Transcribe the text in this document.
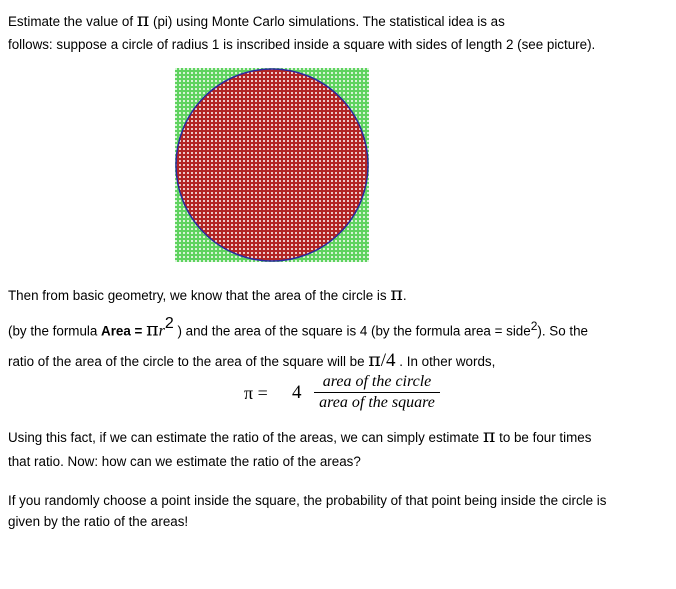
Estimate the value of π (pi) using Monte Carlo simulations. The statistical idea is as
follows: suppose a circle of radius 1 is inscribed inside a square with sides of length 2 (see picture).
Then from basic geometry, we know that the area of the circle is π.
(by the formula Area = $\pi r^2$ ) and the area of the square is 4 (by the formula area = side$^2$). So the
ratio of the area of the circle to the area of the square will be π/4 . In other words,
π = 4
area of the circle
area of the square
Using this fact, if we can estimate the ratio of the areas, we can simply estimate π to be four times
that ratio. Now: how can we estimate the ratio of the areas?
If you randomly choose a point inside the square, the probability of that point being inside the circle is
given by the ratio of the areas!
